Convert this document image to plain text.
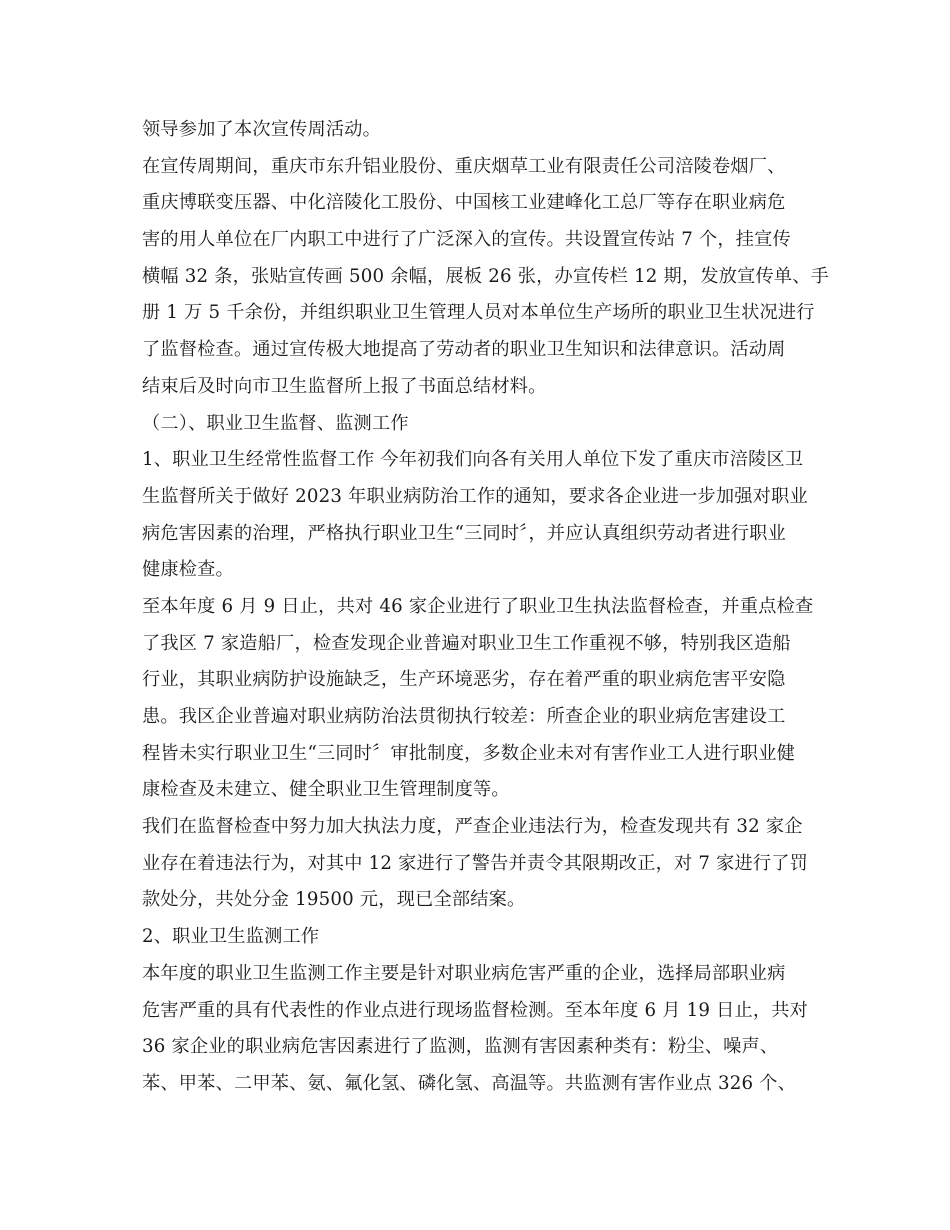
领导参加了本次宣传周活动。
在宣传周期间，重庆市东升铝业股份、重庆烟草工业有限责任公司涪陵卷烟厂、
重庆博联变压器、中化涪陵化工股份、中国核工业建峰化工总厂等存在职业病危
害的用人单位在厂内职工中进行了广泛深入的宣传。共设置宣传站 7 个，挂宣传
横幅 32 条，张贴宣传画 500 余幅，展板 26 张，办宣传栏 12 期，发放宣传单、手
册 1 万 5 千余份，并组织职业卫生管理人员对本单位生产场所的职业卫生状况进行
了监督检查。通过宣传极大地提高了劳动者的职业卫生知识和法律意识。活动周
结束后及时向市卫生监督所上报了书面总结材料。
（二）、职业卫生监督、监测工作
1、职业卫生经常性监督工作 今年初我们向各有关用人单位下发了重庆市涪陵区卫
生监督所关于做好 2023 年职业病防治工作的通知，要求各企业进一步加强对职业
病危害因素的治理，严格执行职业卫生“三同时〞，并应认真组织劳动者进行职业
健康检查。
至本年度 6 月 9 日止，共对 46 家企业进行了职业卫生执法监督检查，并重点检查
了我区 7 家造船厂，检查发现企业普遍对职业卫生工作重视不够，特别我区造船
行业，其职业病防护设施缺乏，生产环境恶劣，存在着严重的职业病危害平安隐
患。我区企业普遍对职业病防治法贯彻执行较差：所查企业的职业病危害建设工
程皆未实行职业卫生“三同时〞审批制度，多数企业未对有害作业工人进行职业健
康检查及未建立、健全职业卫生管理制度等。
我们在监督检查中努力加大执法力度，严查企业违法行为，检查发现共有 32 家企
业存在着违法行为，对其中 12 家进行了警告并责令其限期改正，对 7 家进行了罚
款处分，共处分金 19500 元，现已全部结案。
2、职业卫生监测工作
本年度的职业卫生监测工作主要是针对职业病危害严重的企业，选择局部职业病
危害严重的具有代表性的作业点进行现场监督检测。至本年度 6 月 19 日止，共对
36 家企业的职业病危害因素进行了监测，监测有害因素种类有：粉尘、噪声、
苯、甲苯、二甲苯、氨、氟化氢、磷化氢、高温等。共监测有害作业点 326 个、
